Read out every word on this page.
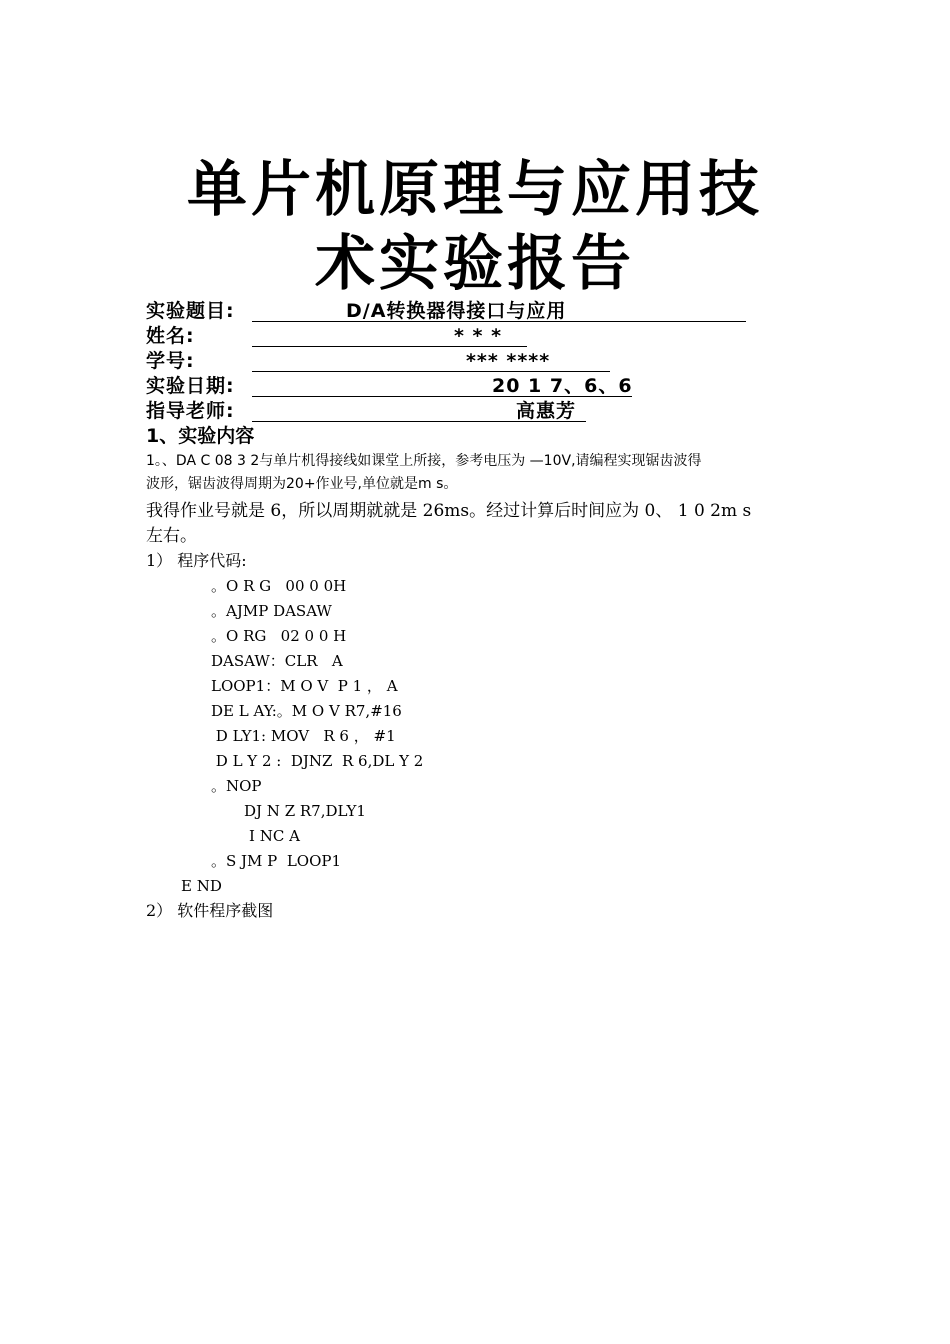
单片机原理与应用技
术实验报告
实验题目:	D/A转换器得接口与应用
姓名:	* * *
学号:	*** ****
实验日期:	20 1 7、6、6
指导老师:	高惠芳
1、实验内容
1。、DA C 08 3 2与单片机得接线如课堂上所接，参考电压为 —10V,请编程实现锯齿波得
波形，锯齿波得周期为20+作业号,单位就是m s。
我得作业号就是 6，所以周期就就是 26ms。经过计算后时间应为 0、 1 0 2m s
左右。
1） 程序代码:
。O R G   00 0 0H
。AJMP DASAW
。O RG   02 0 0 H
DASAW：CLR   A
LOOP1：M O V  P 1 ， A
DE L AY:。M O V R7,#16
D LY1: MOV   R 6 ， #1
D L Y 2 :  DJNZ  R 6,DL Y 2
。NOP
DJ N Z R7,DLY1
I NC A
。S JM P  LOOP1
E ND
2） 软件程序截图
